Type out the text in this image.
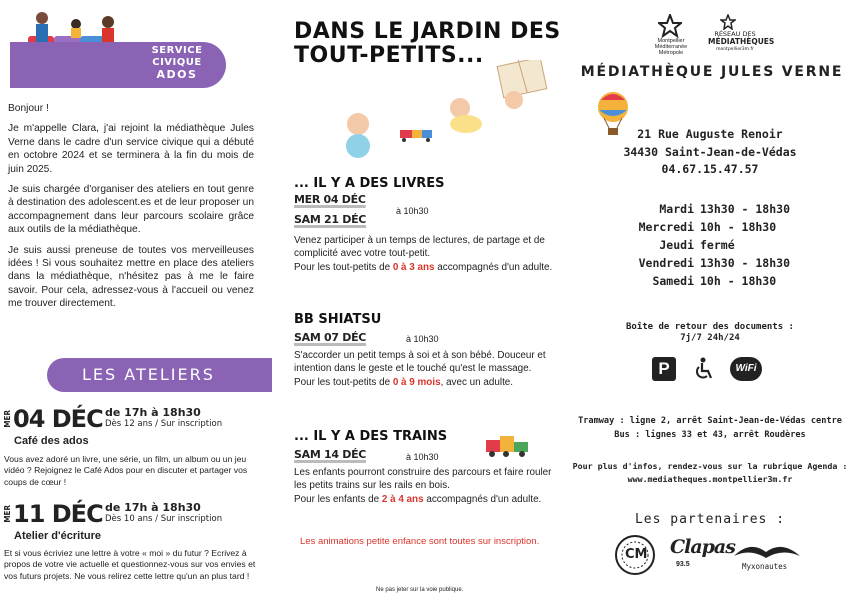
SERVICE
CIVIQUE
ADOS

Bonjour !

Je m'appelle Clara, j'ai rejoint la médiathèque Jules Verne dans le cadre d'un service civique qui a débuté en octobre 2024 et se terminera à la fin du mois de juin 2025.

Je suis chargée d'organiser des ateliers en tout genre à destination des adolescent.es et de leur proposer un accompagnement dans leur parcours scolaire grâce aux outils de la médiathèque.

Je suis aussi preneuse de toutes vos merveilleuses idées ! Si vous souhaitez mettre en place des ateliers dans la médiathèque, n'hésitez pas à me le faire savoir. Pour cela, adressez-vous à l'accueil ou venez me trouver directement.

LES ATELIERS
MER 04 DÉC de 17h à 18h30
Dès 12 ans / Sur inscription
Café des ados
Vous avez adoré un livre, une série, un film, un album ou un jeu vidéo ? Rejoignez le Café Ados pour en discuter et partager vos coups de cœur !
MER 11 DÉC de 17h à 18h30
Dès 10 ans / Sur inscription
Atelier d'écriture
Et si vous écriviez une lettre à votre « moi » du futur ? Ecrivez à propos de votre vie actuelle et questionnez-vous sur vos envies et vos futurs projets. Ne vous relirez cette lettre qu'un an plus tard !
DANS LE JARDIN DES
TOUT-PETITS...
... IL Y A DES LIVRES
MER 04 DÉC
SAM 21 DÉC
à 10h30
Venez participer à un temps de lectures, de partage et de complicité avec votre tout-petit.
Pour les tout-petits de 0 à 3 ans accompagnés d'un adulte.
BB SHIATSU
SAM 07 DÉC	à 10h30
S'accorder un petit temps à soi et à son bébé. Douceur et intention dans le geste et le touché qu'est le massage.
Pour les tout-petits de 0 à 9 mois, avec un adulte.
... IL Y A DES TRAINS
SAM 14 DÉC	à 10h30
Les enfants pourront construire des parcours et faire rouler les petits trains sur les rails en bois.
Pour les enfants de 2 à 4 ans accompagnés d'un adulte.
Les animations petite enfance sont toutes sur inscription.
Ne pas jeter sur la voie publique.
Montpellier
Méditerranée
Métropole
RÉSEAU DES
MÉDIATHÈQUES
montpellier3m.fr
MÉDIATHÈQUE JULES VERNE
21 Rue Auguste Renoir
34430 Saint-Jean-de-Védas
04.67.15.47.57
Mardi 13h30 - 18h30
Mercredi 10h - 18h30
Jeudi fermé
Vendredi 13h30 - 18h30
Samedi 10h - 18h30
Boîte de retour des documents :
7j/7 24h/24
P	WiFi
Tramway : ligne 2, arrêt Saint-Jean-de-Védas centre
Bus : lignes 33 et 43, arrêt Roudères
Pour plus d'infos, rendez-vous sur la rubrique Agenda :
www.mediatheques.montpellier3m.fr
Les partenaires :
CM Clapas
93.5	Myxonautes
